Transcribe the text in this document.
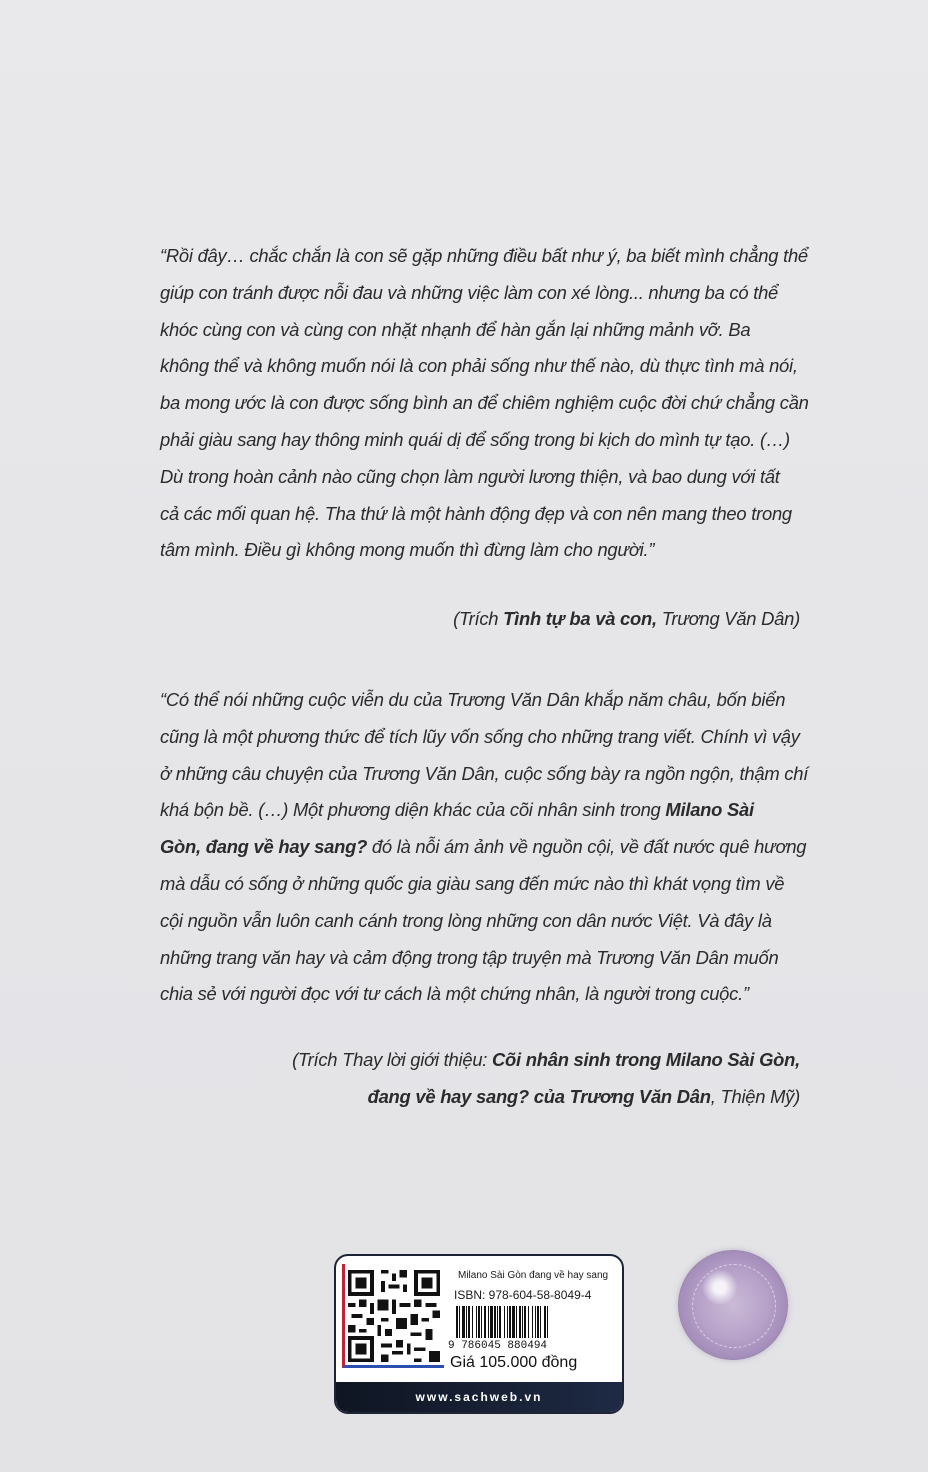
“Rồi đây… chắc chắn là con sẽ gặp những điều bất như ý, ba biết mình chẳng thể
giúp con tránh được nỗi đau và những việc làm con xé lòng... nhưng ba có thể
khóc cùng con và cùng con nhặt nhạnh để hàn gắn lại những mảnh vỡ. Ba
không thể và không muốn nói là con phải sống như thế nào, dù thực tình mà nói,
ba mong ước là con được sống bình an để chiêm nghiệm cuộc đời chứ chẳng cần
phải giàu sang hay thông minh quái dị để sống trong bi kịch do mình tự tạo. (…)
Dù trong hoàn cảnh nào cũng chọn làm người lương thiện, và bao dung với tất
cả các mối quan hệ. Tha thứ là một hành động đẹp và con nên mang theo trong
tâm mình. Điều gì không mong muốn thì đừng làm cho người.”
(Trích Tình tự ba và con, Trương Văn Dân)
“Có thể nói những cuộc viễn du của Trương Văn Dân khắp năm châu, bốn biển
cũng là một phương thức để tích lũy vốn sống cho những trang viết. Chính vì vậy
ở những câu chuyện của Trương Văn Dân, cuộc sống bày ra ngồn ngộn, thậm chí
khá bộn bề. (…) Một phương diện khác của cõi nhân sinh trong Milano Sài
Gòn, đang về hay sang? đó là nỗi ám ảnh về nguồn cội, về đất nước quê hương
mà dẫu có sống ở những quốc gia giàu sang đến mức nào thì khát vọng tìm về
cội nguồn vẫn luôn canh cánh trong lòng những con dân nước Việt. Và đây là
những trang văn hay và cảm động trong tập truyện mà Trương Văn Dân muốn
chia sẻ với người đọc với tư cách là một chứng nhân, là người trong cuộc.”
(Trích Thay lời giới thiệu: Cõi nhân sinh trong Milano Sài Gòn,
đang về hay sang? của Trương Văn Dân, Thiện Mỹ)
Milano Sài Gòn đang về hay sang
ISBN: 978-604-58-8049-4
9 786045 880494
Giá 105.000 đồng
www.sachweb.vn
